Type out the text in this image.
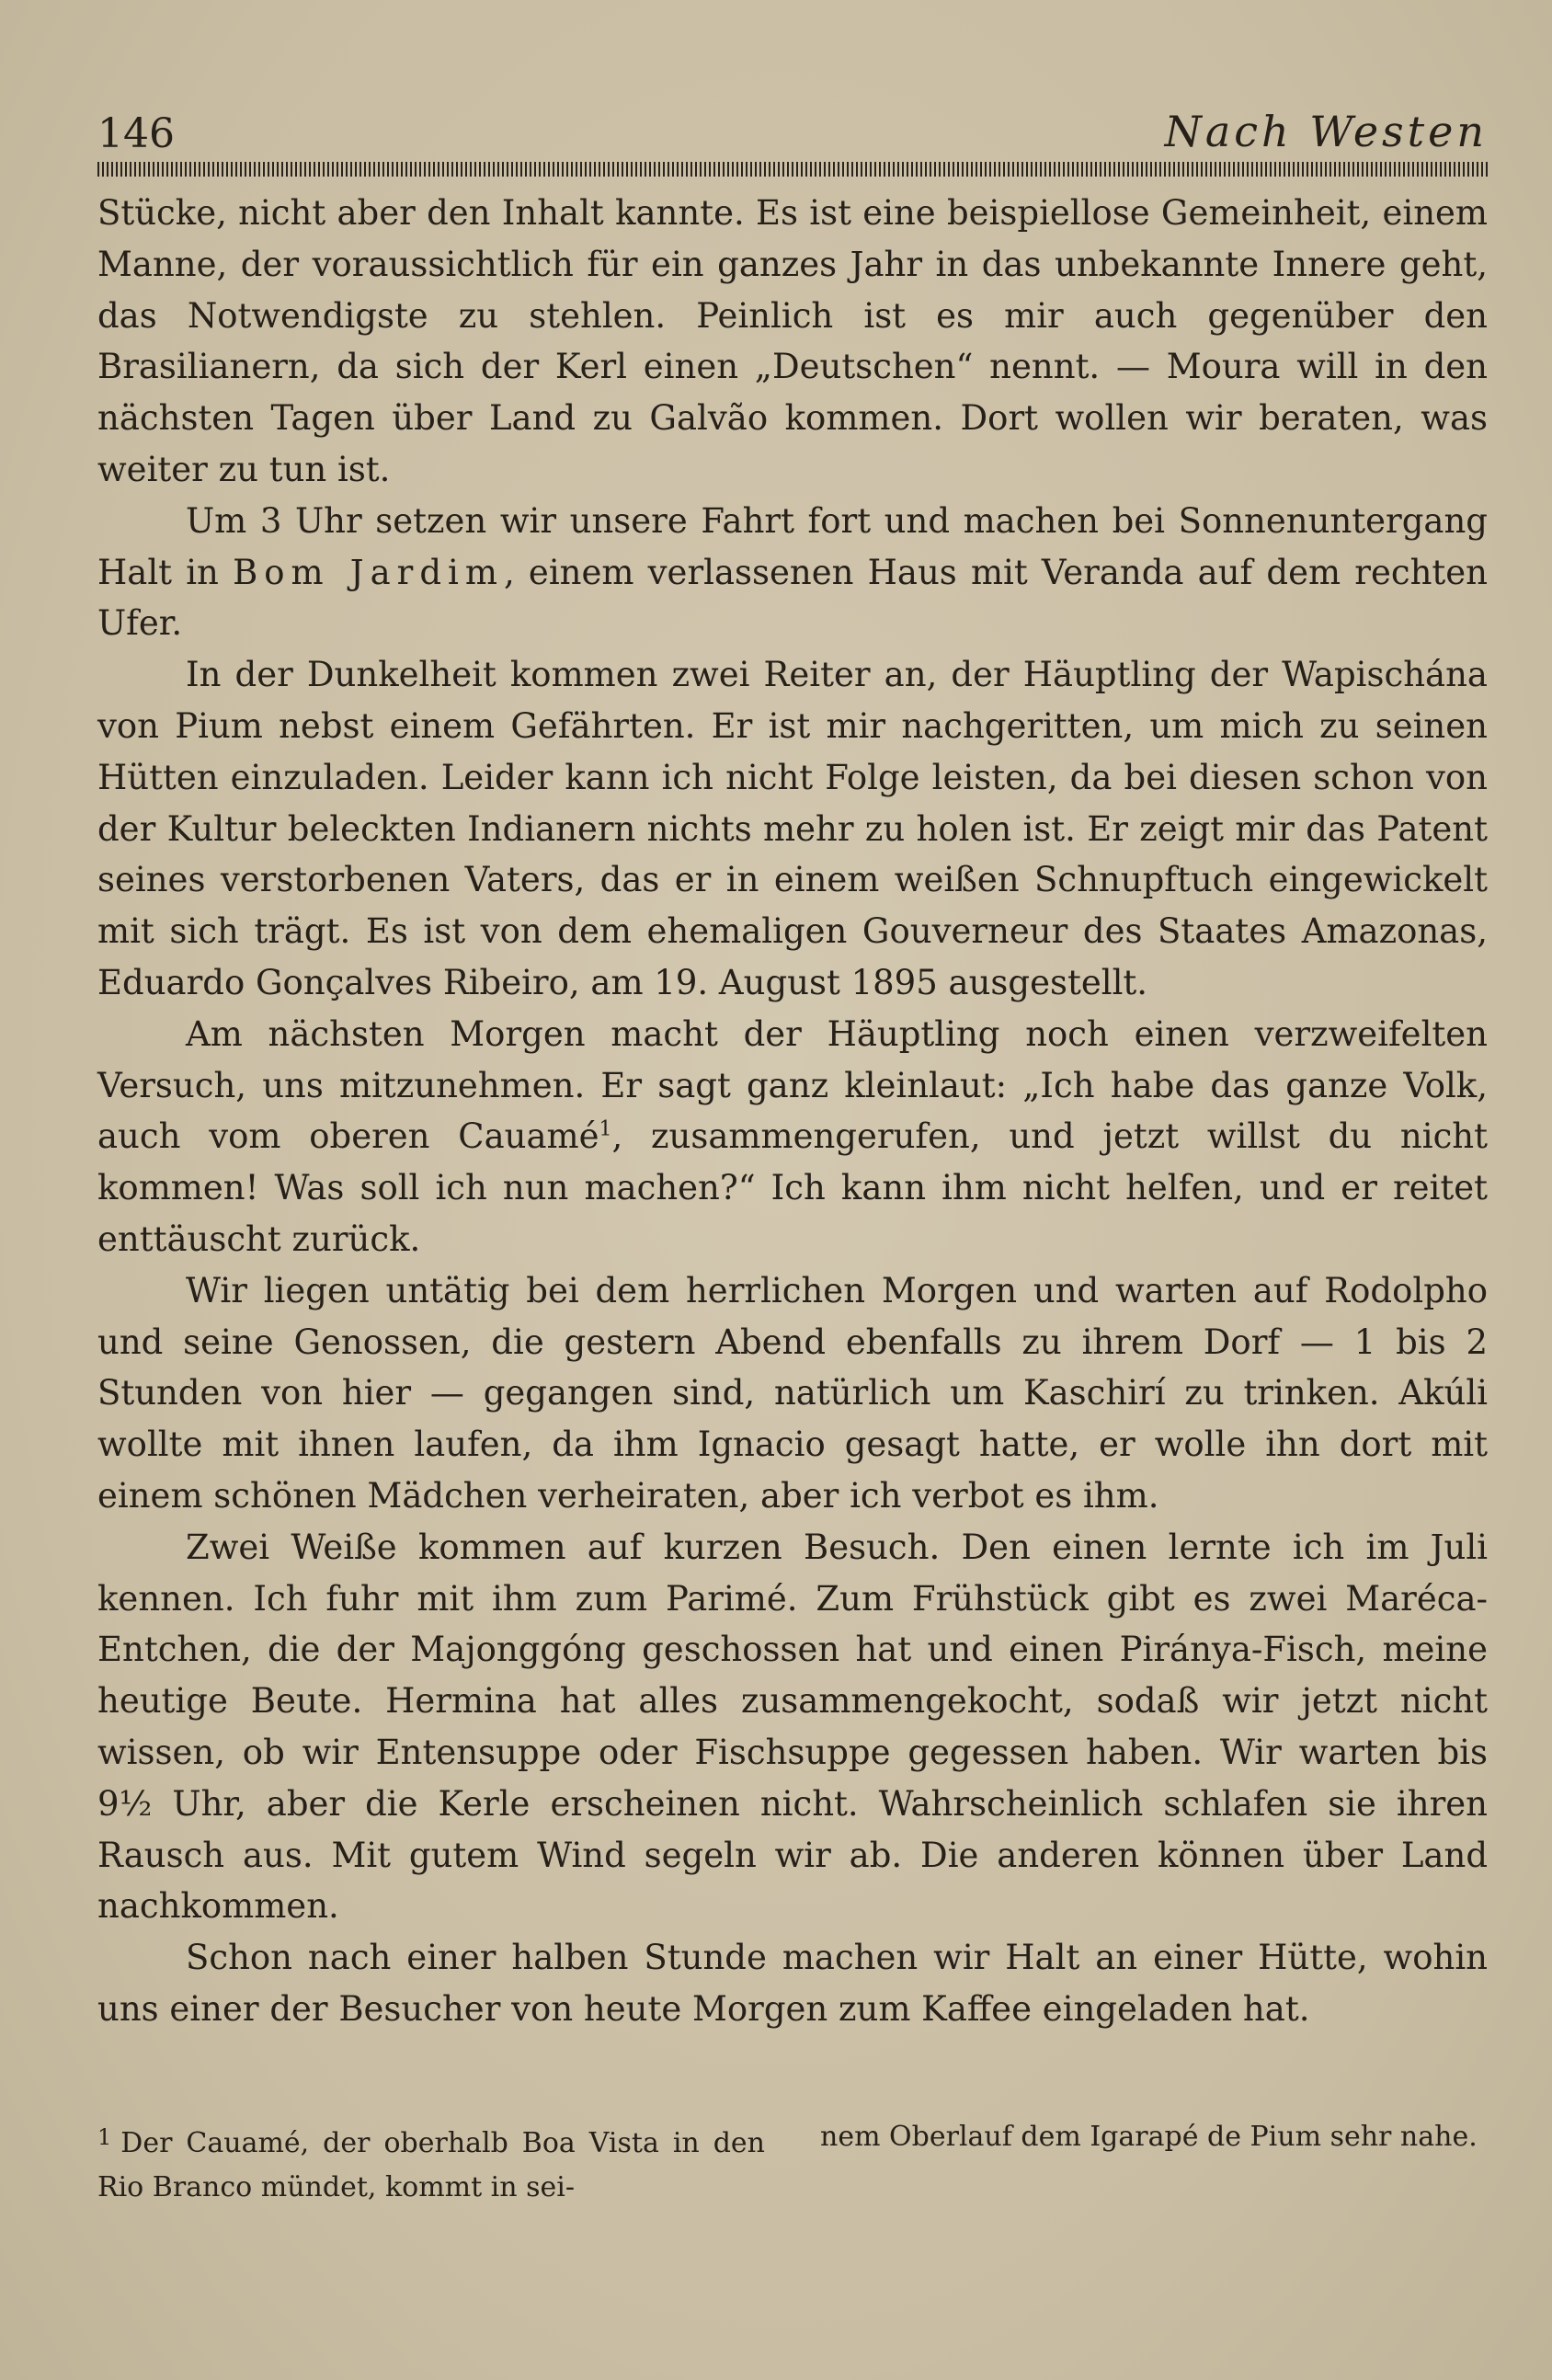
146	Nach Westen

Stücke, nicht aber den Inhalt kannte. Es ist eine beispiellose Gemeinheit, einem Manne, der voraussichtlich für ein ganzes Jahr in das unbekannte Innere geht, das Notwendigste zu stehlen. Peinlich ist es mir auch gegenüber den Brasilianern, da sich der Kerl einen „Deutschen“ nennt. — Moura will in den nächsten Tagen über Land zu Galvão kommen. Dort wollen wir beraten, was weiter zu tun ist.

Um 3 Uhr setzen wir unsere Fahrt fort und machen bei Sonnenuntergang Halt in Bom Jardim, einem verlassenen Haus mit Veranda auf dem rechten Ufer.

In der Dunkelheit kommen zwei Reiter an, der Häuptling der Wapischána von Pium nebst einem Gefährten. Er ist mir nachgeritten, um mich zu seinen Hütten einzuladen. Leider kann ich nicht Folge leisten, da bei diesen schon von der Kultur beleckten Indianern nichts mehr zu holen ist. Er zeigt mir das Patent seines verstorbenen Vaters, das er in einem weißen Schnupftuch eingewickelt mit sich trägt. Es ist von dem ehemaligen Gouverneur des Staates Amazonas, Eduardo Gonçalves Ribeiro, am 19. August 1895 ausgestellt.

Am nächsten Morgen macht der Häuptling noch einen verzweifelten Versuch, uns mitzunehmen. Er sagt ganz kleinlaut: „Ich habe das ganze Volk, auch vom oberen Cauamé$^1$, zusammengerufen, und jetzt willst du nicht kommen! Was soll ich nun machen?“ Ich kann ihm nicht helfen, und er reitet enttäuscht zurück.

Wir liegen untätig bei dem herrlichen Morgen und warten auf Rodolpho und seine Genossen, die gestern Abend ebenfalls zu ihrem Dorf — 1 bis 2 Stunden von hier — gegangen sind, natürlich um Kaschirí zu trinken. Akúli wollte mit ihnen laufen, da ihm Ignacio gesagt hatte, er wolle ihn dort mit einem schönen Mädchen verheiraten, aber ich verbot es ihm.

Zwei Weiße kommen auf kurzen Besuch. Den einen lernte ich im Juli kennen. Ich fuhr mit ihm zum Parimé. Zum Frühstück gibt es zwei Maréca-Entchen, die der Majonggóng geschossen hat und einen Piránya-Fisch, meine heutige Beute. Hermina hat alles zusammengekocht, sodaß wir jetzt nicht wissen, ob wir Entensuppe oder Fischsuppe gegessen haben. Wir warten bis 9½ Uhr, aber die Kerle erscheinen nicht. Wahrscheinlich schlafen sie ihren Rausch aus. Mit gutem Wind segeln wir ab. Die anderen können über Land nachkommen.

Schon nach einer halben Stunde machen wir Halt an einer Hütte, wohin uns einer der Besucher von heute Morgen zum Kaffee eingeladen hat.

$^1$ Der Cauamé, der oberhalb Boa Vista in den Rio Branco mündet, kommt in sei-

nem Oberlauf dem Igarapé de Pium sehr nahe.
